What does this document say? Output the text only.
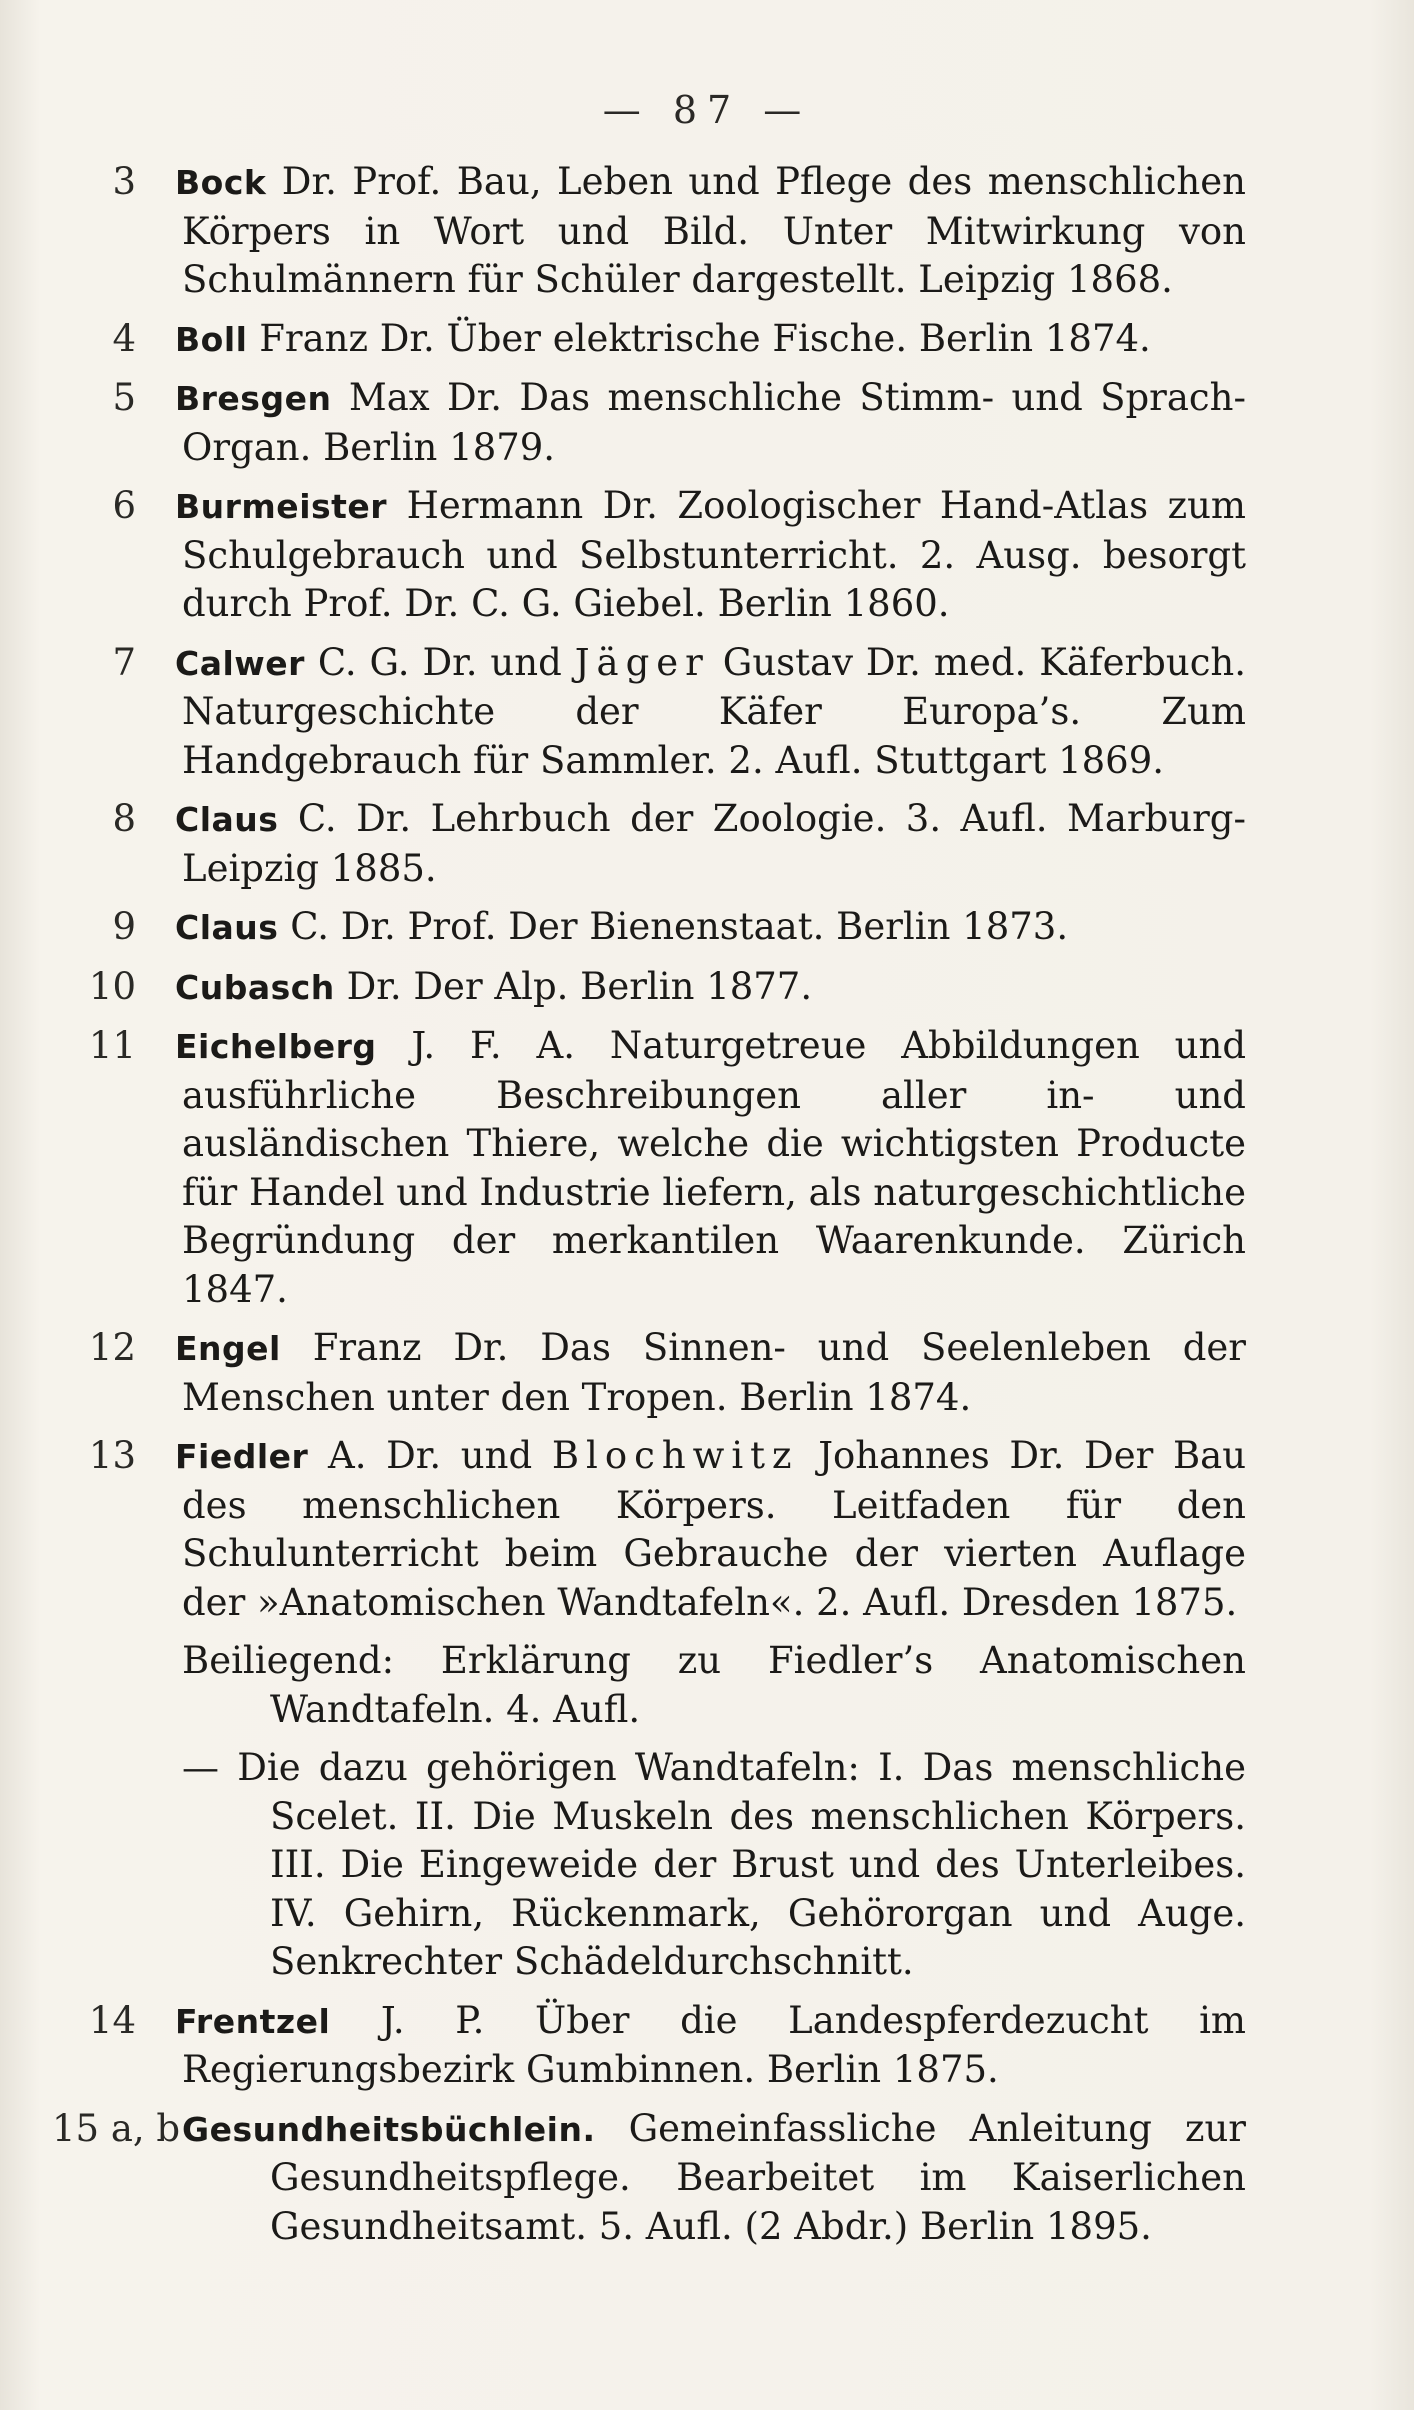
— 87 —
3 Bock Dr. Prof. Bau, Leben und Pflege des menschlichen Körpers in Wort und Bild. Unter Mitwirkung von Schulmännern für Schüler dargestellt. Leipzig 1868.
4 Boll Franz Dr. Über elektrische Fische. Berlin 1874.
5 Bresgen Max Dr. Das menschliche Stimm- und Sprach-Organ. Berlin 1879.
6 Burmeister Hermann Dr. Zoologischer Hand-Atlas zum Schulgebrauch und Selbstunterricht. 2. Ausg. besorgt durch Prof. Dr. C. G. Giebel. Berlin 1860.
7 Calwer C. G. Dr. und Jäger Gustav Dr. med. Käferbuch. Naturgeschichte der Käfer Europa’s. Zum Handgebrauch für Sammler. 2. Aufl. Stuttgart 1869.
8 Claus C. Dr. Lehrbuch der Zoologie. 3. Aufl. Marburg-Leipzig 1885.
9 Claus C. Dr. Prof. Der Bienenstaat. Berlin 1873.
10 Cubasch Dr. Der Alp. Berlin 1877.
11 Eichelberg J. F. A. Naturgetreue Abbildungen und ausführliche Beschreibungen aller in- und ausländischen Thiere, welche die wichtigsten Producte für Handel und Industrie liefern, als naturgeschichtliche Begründung der merkantilen Waarenkunde. Zürich 1847.
12 Engel Franz Dr. Das Sinnen- und Seelenleben der Menschen unter den Tropen. Berlin 1874.
13 Fiedler A. Dr. und Blochwitz Johannes Dr. Der Bau des menschlichen Körpers. Leitfaden für den Schulunterricht beim Gebrauche der vierten Auflage der »Anatomischen Wandtafeln«. 2. Aufl. Dresden 1875.
Beiliegend: Erklärung zu Fiedler’s Anatomischen Wandtafeln. 4. Aufl.
— Die dazu gehörigen Wandtafeln: I. Das menschliche Scelet. II. Die Muskeln des menschlichen Körpers. III. Die Eingeweide der Brust und des Unterleibes. IV. Gehirn, Rückenmark, Gehörorgan und Auge. Senkrechter Schädeldurchschnitt.
14 Frentzel J. P. Über die Landespferdezucht im Regierungsbezirk Gumbinnen. Berlin 1875.
15 a, b Gesundheitsbüchlein. Gemeinfassliche Anleitung zur Gesundheitspflege. Bearbeitet im Kaiserlichen Gesundheitsamt. 5. Aufl. (2 Abdr.) Berlin 1895.
